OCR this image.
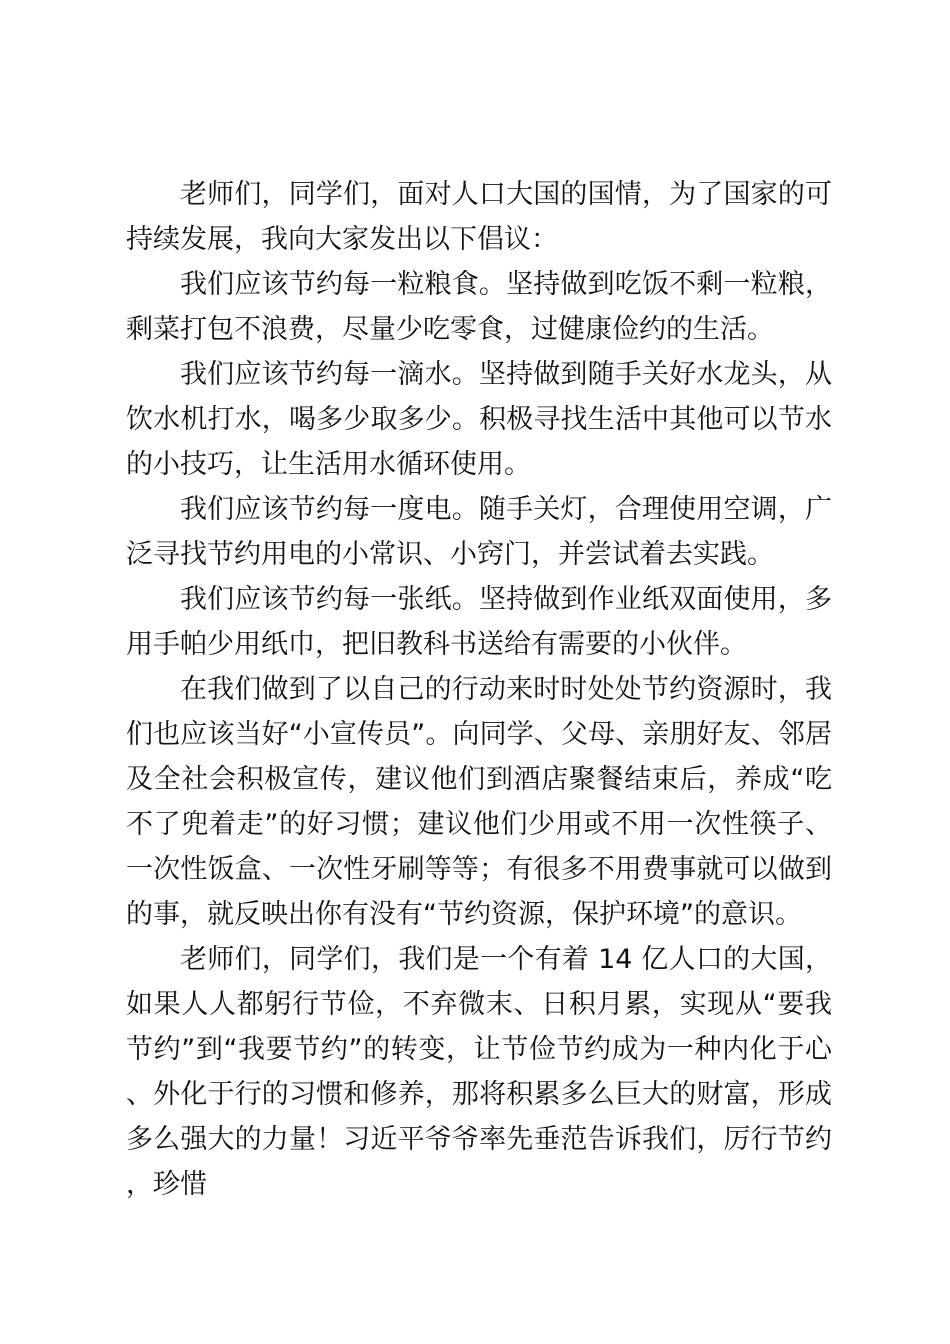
老师们，同学们，面对人口大国的国情，为了国家的可持续发展，我向大家发出以下倡议：

我们应该节约每一粒粮食。坚持做到吃饭不剩一粒粮，剩菜打包不浪费，尽量少吃零食，过健康俭约的生活。

我们应该节约每一滴水。坚持做到随手关好水龙头，从饮水机打水，喝多少取多少。积极寻找生活中其他可以节水的小技巧，让生活用水循环使用。

我们应该节约每一度电。随手关灯，合理使用空调，广泛寻找节约用电的小常识、小窍门，并尝试着去实践。

我们应该节约每一张纸。坚持做到作业纸双面使用，多用手帕少用纸巾，把旧教科书送给有需要的小伙伴。

在我们做到了以自己的行动来时时处处节约资源时，我们也应该当好“小宣传员”。向同学、父母、亲朋好友、邻居及全社会积极宣传，建议他们到酒店聚餐结束后，养成“吃不了兜着走”的好习惯；建议他们少用或不用一次性筷子、一次性饭盒、一次性牙刷等等；有很多不用费事就可以做到的事，就反映出你有没有“节约资源，保护环境”的意识。

老师们，同学们，我们是一个有着 14 亿人口的大国，如果人人都躬行节俭，不弃微末、日积月累，实现从“要我节约”到“我要节约”的转变，让节俭节约成为一种内化于心、外化于行的习惯和修养，那将积累多么巨大的财富，形成多么强大的力量！习近平爷爷率先垂范告诉我们，厉行节约，珍惜
